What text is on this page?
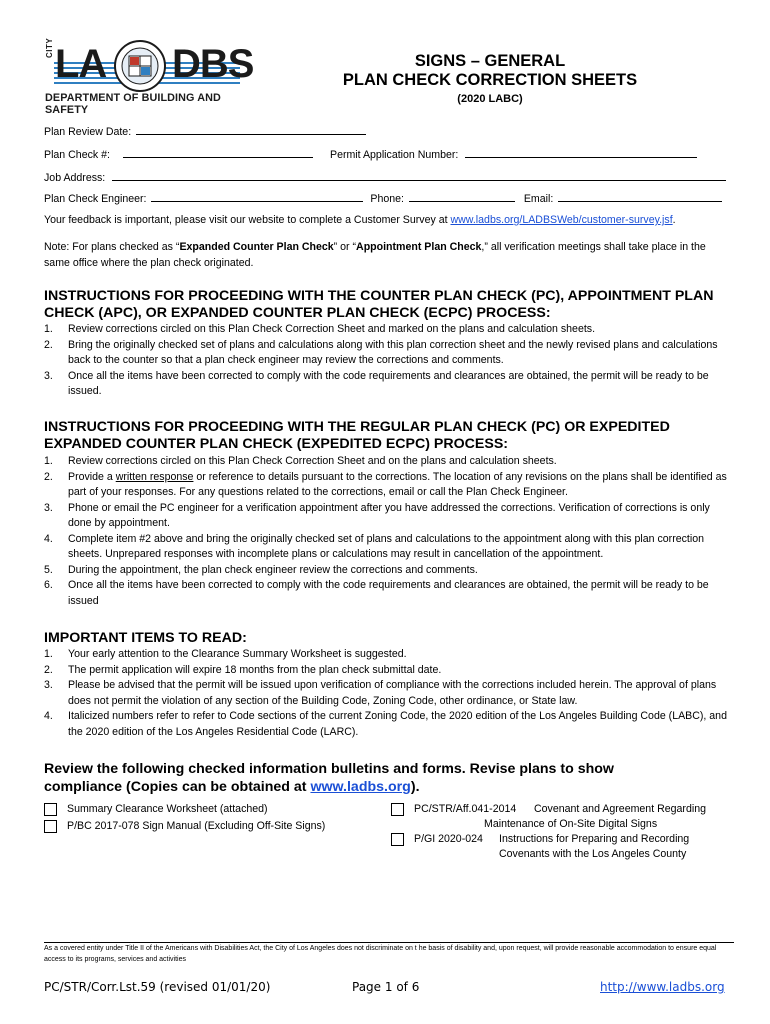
CITY LA DBS
DEPARTMENT OF BUILDING AND SAFETY
SIGNS – GENERAL
PLAN CHECK CORRECTION SHEETS
(2020 LABC)
Plan Review Date:
Plan Check #:	Permit Application Number:
Job Address:
Plan Check Engineer:	Phone:	Email:
Your feedback is important, please visit our website to complete a Customer Survey at www.ladbs.org/LADBSWeb/customer-survey.jsf.
Note: For plans checked as “Expanded Counter Plan Check” or “Appointment Plan Check,” all verification meetings shall take place in the same office where the plan check originated.
INSTRUCTIONS FOR PROCEEDING WITH THE COUNTER PLAN CHECK (PC), APPOINTMENT PLAN CHECK (APC), OR EXPANDED COUNTER PLAN CHECK (ECPC) PROCESS:
1. Review corrections circled on this Plan Check Correction Sheet and marked on the plans and calculation sheets.
2. Bring the originally checked set of plans and calculations along with this plan correction sheet and the newly revised plans and calculations back to the counter so that a plan check engineer may review the corrections and comments.
3. Once all the items have been corrected to comply with the code requirements and clearances are obtained, the permit will be ready to be issued.
INSTRUCTIONS FOR PROCEEDING WITH THE REGULAR PLAN CHECK (PC) OR EXPEDITED EXPANDED COUNTER PLAN CHECK (EXPEDITED ECPC) PROCESS:
1. Review corrections circled on this Plan Check Correction Sheet and on the plans and calculation sheets.
2. Provide a written response or reference to details pursuant to the corrections. The location of any revisions on the plans shall be identified as part of your responses. For any questions related to the corrections, email or call the Plan Check Engineer.
3. Phone or email the PC engineer for a verification appointment after you have addressed the corrections. Verification of corrections is only done by appointment.
4. Complete item #2 above and bring the originally checked set of plans and calculations to the appointment along with this plan correction sheets. Unprepared responses with incomplete plans or calculations may result in cancellation of the appointment.
5. During the appointment, the plan check engineer review the corrections and comments.
6. Once all the items have been corrected to comply with the code requirements and clearances are obtained, the permit will be ready to be issued
IMPORTANT ITEMS TO READ:
1. Your early attention to the Clearance Summary Worksheet is suggested.
2. The permit application will expire 18 months from the plan check submittal date.
3. Please be advised that the permit will be issued upon verification of compliance with the corrections included herein. The approval of plans does not permit the violation of any section of the Building Code, Zoning Code, other ordinance, or State law.
4. Italicized numbers refer to refer to Code sections of the current Zoning Code, the 2020 edition of the Los Angeles Building Code (LABC), and the 2020 edition of the Los Angeles Residential Code (LARC).
Review the following checked information bulletins and forms. Revise plans to show
compliance (Copies can be obtained at www.ladbs.org).
Summary Clearance Worksheet (attached)
P/BC 2017-078 Sign Manual (Excluding Off-Site Signs)
PC/STR/Aff.041-2014 Covenant and Agreement Regarding
Maintenance of On-Site Digital Signs
P/GI 2020-024 Instructions for Preparing and Recording
Covenants with the Los Angeles County
As a covered entity under Title II of the Americans with Disabilities Act, the City of Los Angeles does not discriminate on t he basis of disability and, upon request, will provide reasonable accommodation to ensure equal access to its programs, services and activities
PC/STR/Corr.Lst.59 (revised 01/01/20)	Page 1 of 6	http://www.ladbs.org
